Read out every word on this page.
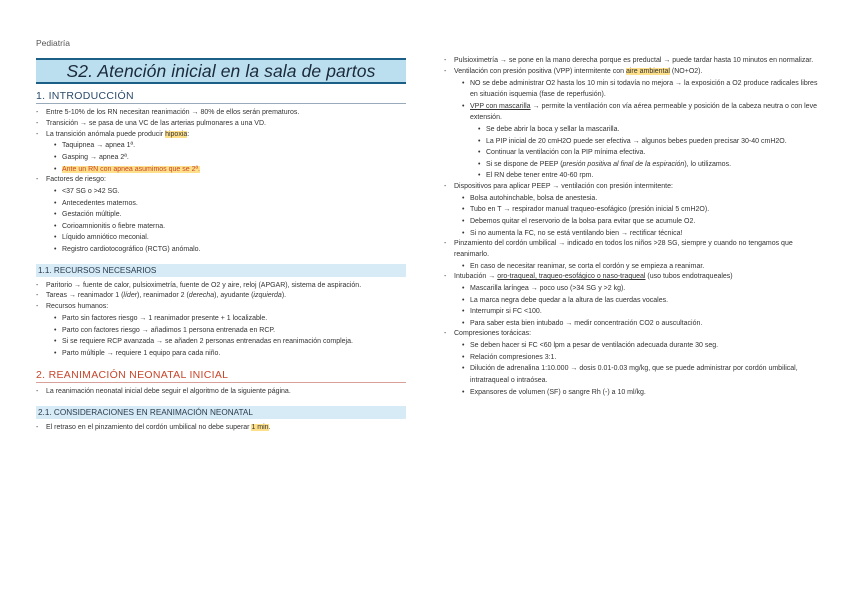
Pediatría
S2. Atención inicial en la sala de partos
1. INTRODUCCIÓN
- Entre 5-10% de los RN necesitan reanimación → 80% de ellos serán prematuros.
- Transición → se pasa de una VC de las arterias pulmonares a una VD.
- La transición anómala puede producir hipoxia:
• Taquipnea → apnea 1ª.
• Gasping → apnea 2ª.
• Ante un RN con apnea asumimos que se 2ª.
- Factores de riesgo:
• <37 SG o >42 SG.
• Antecedentes maternos.
• Gestación múltiple.
• Corioamnionitis o fiebre materna.
• Líquido amniótico meconial.
• Registro cardiotocográfico (RCTG) anómalo.
1.1. RECURSOS NECESARIOS
- Paritorio → fuente de calor, pulsioximetría, fuente de O2 y aire, reloj (APGAR), sistema de aspiración.
- Tareas → reanimador 1 (líder), reanimador 2 (derecha), ayudante (izquierda).
- Recursos humanos:
• Parto sin factores riesgo → 1 reanimador presente + 1 localizable.
• Parto con factores riesgo → añadimos 1 persona entrenada en RCP.
• Si se requiere RCP avanzada → se añaden 2 personas entrenadas en reanimación compleja.
• Parto múltiple → requiere 1 equipo para cada niño.
2. REANIMACIÓN NEONATAL INICIAL
- La reanimación neonatal inicial debe seguir el algoritmo de la siguiente página.
2.1. CONSIDERACIONES EN REANIMACIÓN NEONATAL
- El retraso en el pinzamiento del cordón umbilical no debe superar 1 min.
- Pulsioximetría → se pone en la mano derecha porque es preductal → puede tardar hasta 10 minutos en normalizar.
- Ventilación con presión positiva (VPP) intermitente con aire ambiental (NO+O2).
• NO se debe administrar O2 hasta los 10 min si todavía no mejora → la exposición a O2 produce radicales libres en situación isquemia (fase de reperfusión).
• VPP con mascarilla → permite la ventilación con vía aérea permeable y posición de la cabeza neutra o con leve extensión.
• Se debe abrir la boca y sellar la mascarilla.
• La PIP inicial de 20 cmH2O puede ser efectiva → algunos bebes pueden precisar 30-40 cmH2O.
• Continuar la ventilación con la PIP mínima efectiva.
• Si se dispone de PEEP (presión positiva al final de la espiración), lo utilizamos.
• El RN debe tener entre 40-60 rpm.
- Dispositivos para aplicar PEEP → ventilación con presión intermitente:
• Bolsa autohinchable, bolsa de anestesia.
• Tubo en T → respirador manual traqueo-esofágico (presión inicial 5 cmH2O).
• Debemos quitar el reservorio de la bolsa para evitar que se acumule O2.
• Si no aumenta la FC, no se está ventilando bien → rectificar técnica!
- Pinzamiento del cordón umbilical → indicado en todos los niños >28 SG, siempre y cuando no tengamos que reanimarlo.
• En caso de necesitar reanimar, se corta el cordón y se empieza a reanimar.
- Intubación → oro-traqueal, traqueo-esofágico o naso-traqueal (uso tubos endotraqueales)
• Mascarilla laríngea → poco uso (>34 SG y >2 kg).
• La marca negra debe quedar a la altura de las cuerdas vocales.
• Interrumpir si FC <100.
• Para saber esta bien intubado → medir concentración CO2 o auscultación.
- Compresiones torácicas:
• Se deben hacer si FC <60 lpm a pesar de ventilación adecuada durante 30 seg.
• Relación compresiones 3:1.
• Dilución de adrenalina 1:10.000 → dosis 0.01-0.03 mg/kg, que se puede administrar por cordón umbilical, intratraqueal o intraósea.
• Expansores de volumen (SF) o sangre Rh (-) a 10 ml/kg.
